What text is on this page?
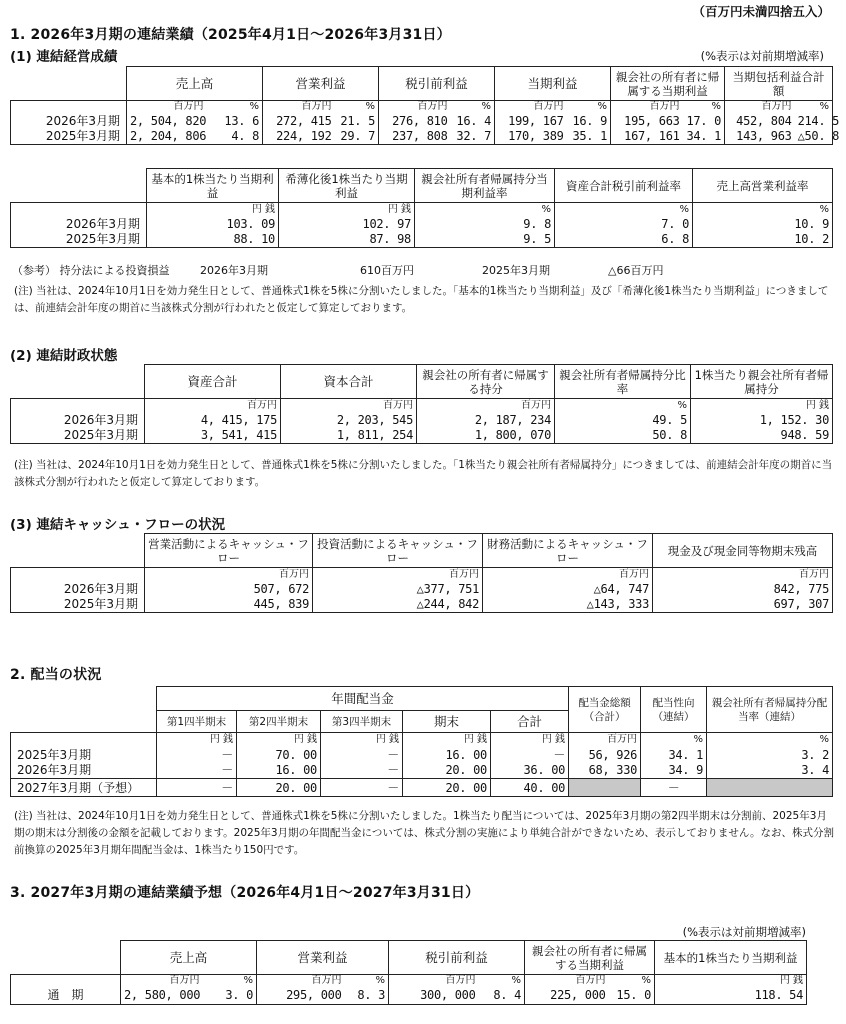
（百万円未満四捨五入）
1. 2026年3月期の連結業績（2025年4月1日～2026年3月31日）
(1) 連結経営成績	(%表示は対前期増減率)
	売上高		営業利益		税引前利益		当期利益		親会社の所有者に帰属する当期利益		当期包括利益合計額	
	百万円	%	百万円	%	百万円	%	百万円	%	百万円	%	百万円	%
2026年3月期	2, 504, 820	13. 6	272, 415	21. 5	276, 810	16. 4	199, 167	16. 9	195, 663	17. 0	452, 804	214. 5
2025年3月期	2, 204, 806	4. 8	224, 192	29. 7	237, 808	32. 7	170, 389	35. 1	167, 161	34. 1	143, 963	△50. 8
	基本的1株当たり当期利益	希薄化後1株当たり当期利益	親会社所有者帰属持分当期利益率	資産合計税引前利益率	売上高営業利益率
	円 銭	円 銭	%	%	%
2026年3月期	103. 09	102. 97	9. 8	7. 0	10. 9
2025年3月期	88. 10	87. 98	9. 5	6. 8	10. 2
（参考） 持分法による投資損益	2026年3月期	610百万円	2025年3月期	△66百万円
(注) 当社は、2024年10月1日を効力発生日として、普通株式1株を5株に分割いたしました。「基本的1株当たり当期利益」及び「希薄化後1株当たり当期利益」につきましては、前連結会計年度の期首に当該株式分割が行われたと仮定して算定しております。
(2) 連結財政状態
	資産合計	資本合計	親会社の所有者に帰属する持分	親会社所有者帰属持分比率	1株当たり親会社所有者帰属持分
	百万円	百万円	百万円	%	円 銭
2026年3月期	4, 415, 175	2, 203, 545	2, 187, 234	49. 5	1, 152. 30
2025年3月期	3, 541, 415	1, 811, 254	1, 800, 070	50. 8	948. 59
(注) 当社は、2024年10月1日を効力発生日として、普通株式1株を5株に分割いたしました。「1株当たり親会社所有者帰属持分」につきましては、前連結会計年度の期首に当該株式分割が行われたと仮定して算定しております。
(3) 連結キャッシュ・フローの状況
	営業活動によるキャッシュ・フロー	投資活動によるキャッシュ・フロー	財務活動によるキャッシュ・フロー	現金及び現金同等物期末残高
	百万円	百万円	百万円	百万円
2026年3月期	507, 672	△377, 751	△64, 747	842, 775
2025年3月期	445, 839	△244, 842	△143, 333	697, 307
2. 配当の状況
	年間配当金					配当金総額（合計）	配当性向（連結）	親会社所有者帰属持分配当率（連結）
	第1四半期末	第2四半期末	第3四半期末	期末	合計			
	円 銭	円 銭	円 銭	円 銭	円 銭	百万円	%	%
2025年3月期	－	70. 00	－	16. 00	－	56, 926	34. 1	3. 2
2026年3月期	－	16. 00	－	20. 00	36. 00	68, 330	34. 9	3. 4
2027年3月期（予想）	－	20. 00	－	20. 00	40. 00		－	
(注) 当社は、2024年10月1日を効力発生日として、普通株式1株を5株に分割いたしました。1株当たり配当については、2025年3月期の第2四半期末は分割前、2025年3月期の期末は分割後の金額を記載しております。2025年3月期の年間配当金については、株式分割の実施により単純合計ができないため、表示しておりません。なお、株式分割前換算の2025年3月期年間配当金は、1株当たり150円です。
3. 2027年3月期の連結業績予想（2026年4月1日～2027年3月31日）
(%表示は対前期増減率)
	売上高		営業利益		税引前利益		親会社の所有者に帰属する当期利益		基本的1株当たり当期利益
	百万円	%	百万円	%	百万円	%	百万円	%	円 銭
通　期	2, 580, 000	3. 0	295, 000	8. 3	300, 000	8. 4	225, 000	15. 0	118. 54
